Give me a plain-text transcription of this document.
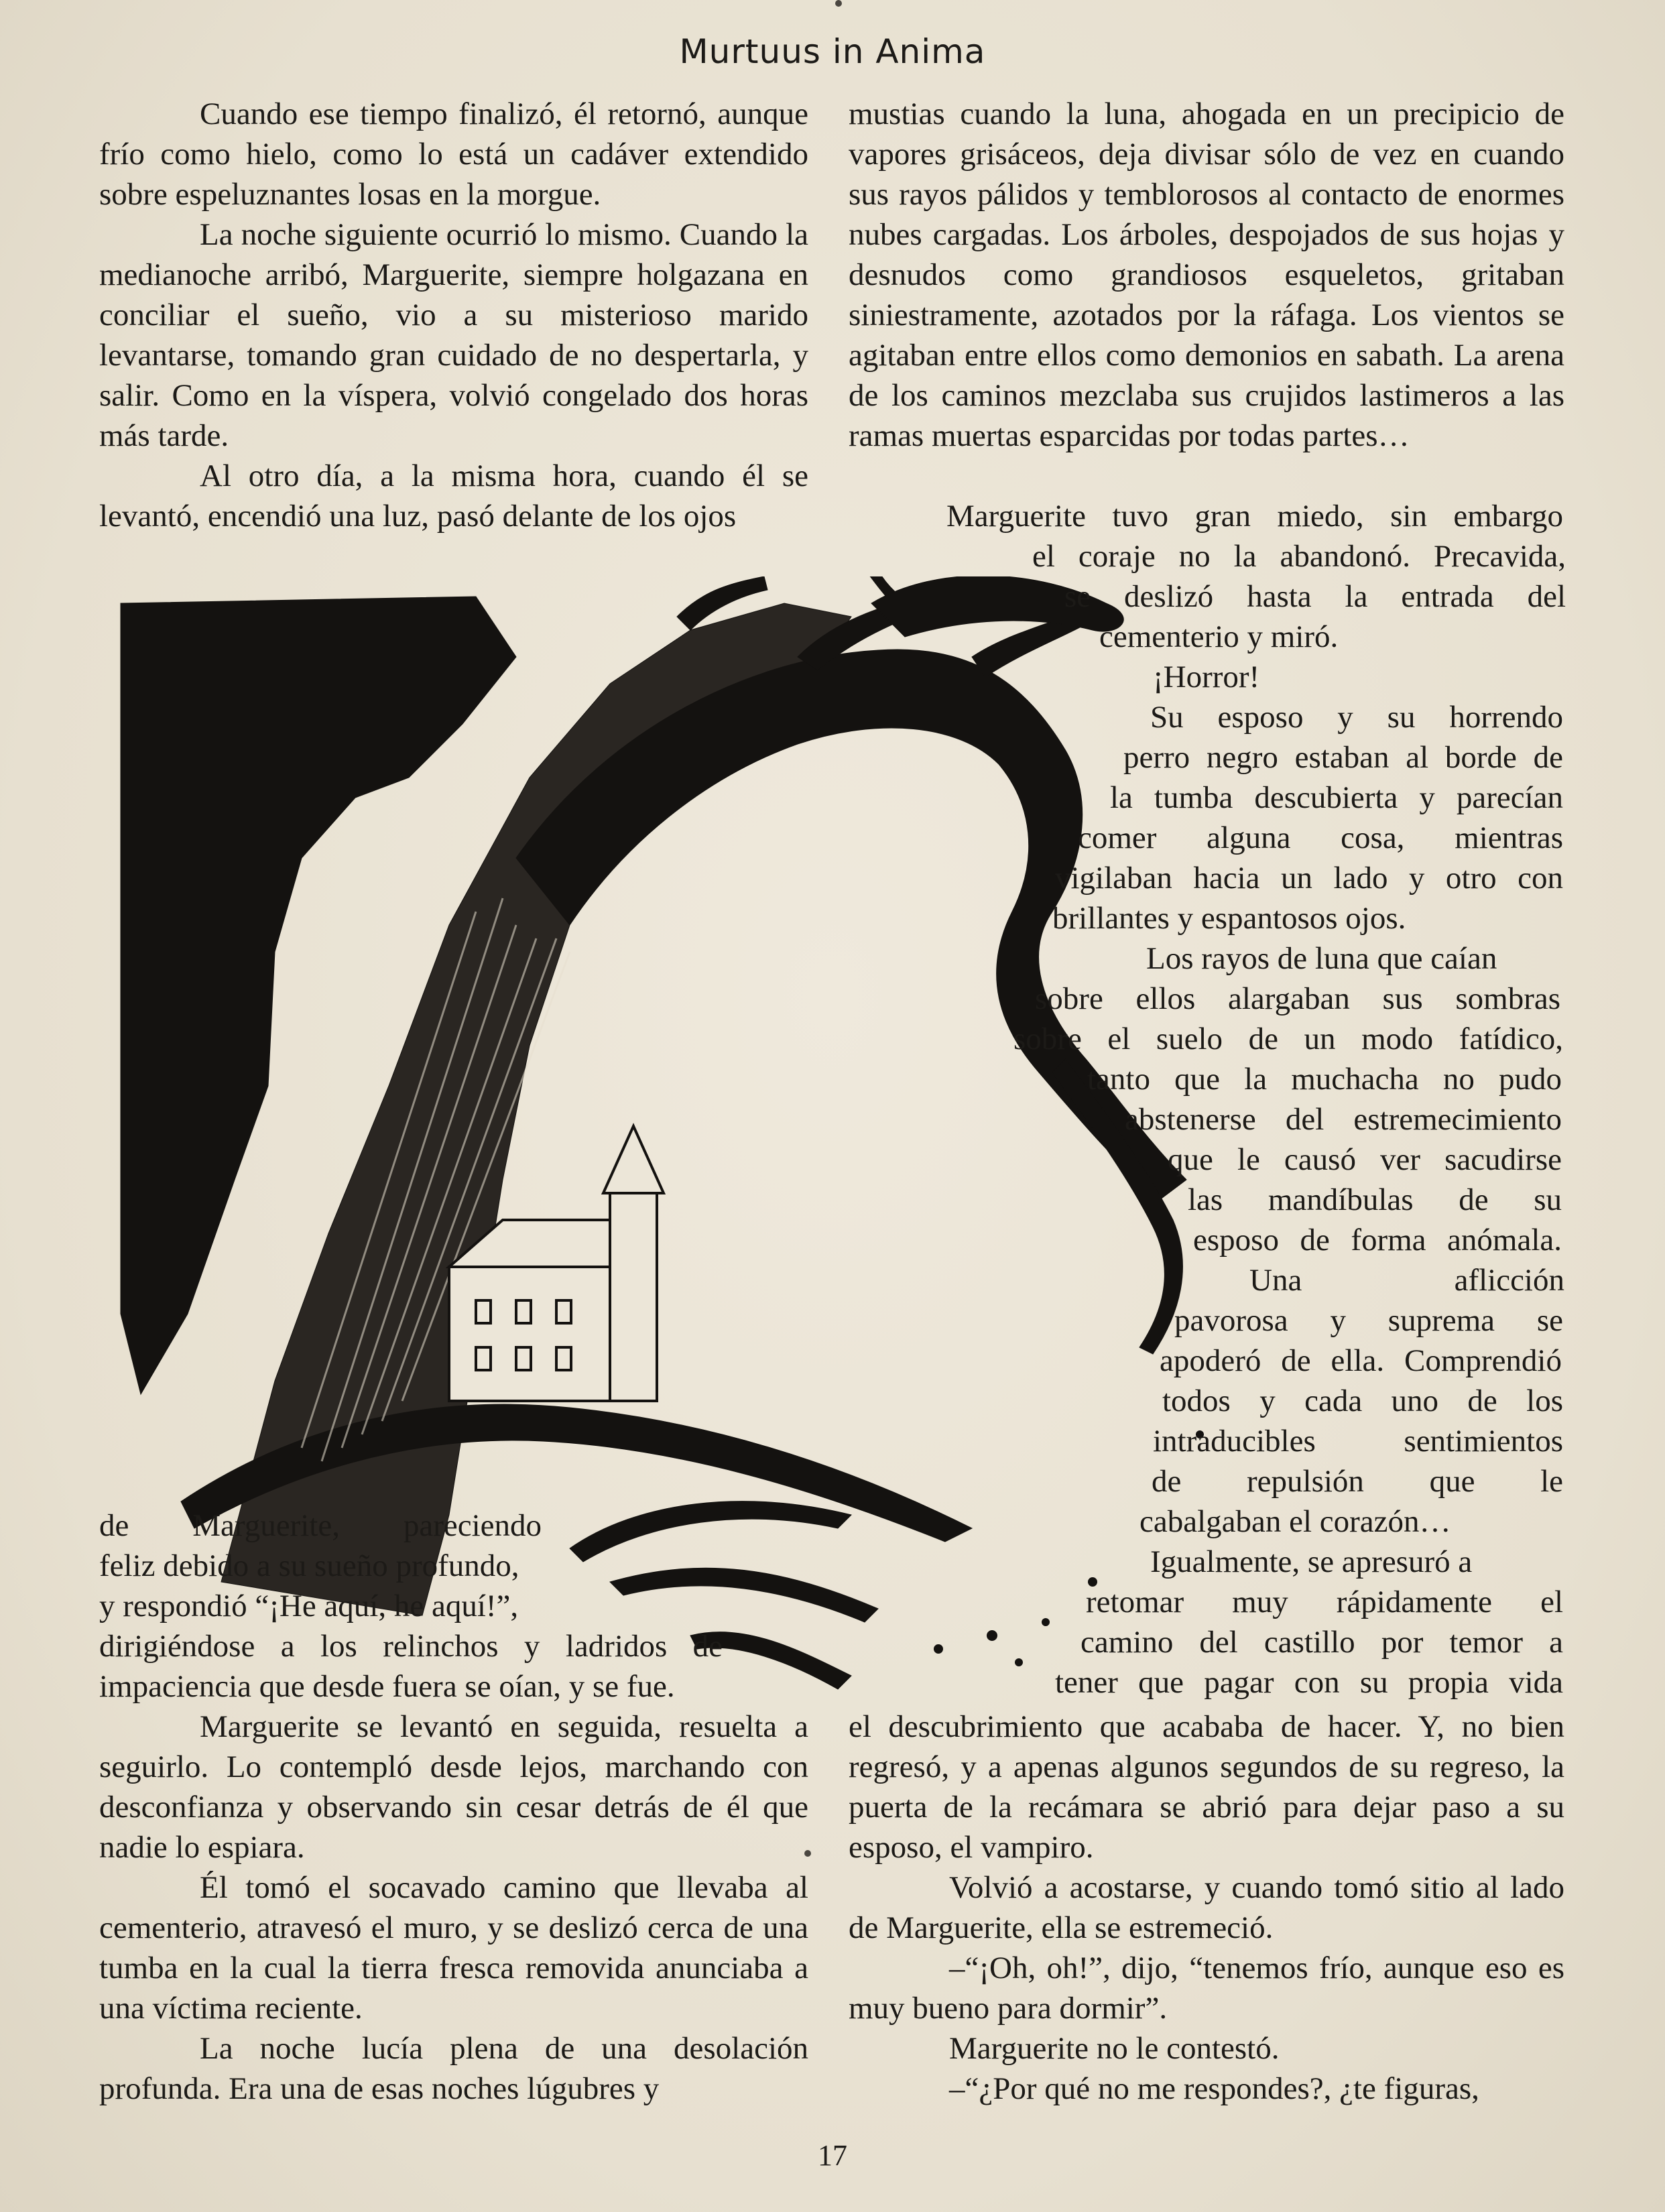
Murtuus in Anima

Cuando ese tiempo finalizó, él retornó, aunque frío como hielo, como lo está un cadáver extendido sobre espeluznantes losas en la morgue.

La noche siguiente ocurrió lo mismo. Cuando la medianoche arribó, Marguerite, siempre holgazana en conciliar el sueño, vio a su misterioso marido levantarse, tomando gran cuidado de no despertarla, y salir. Como en la víspera, volvió congelado dos horas más tarde.

Al otro día, a la misma hora, cuando él se levantó, encendió una luz, pasó delante de los ojos

de Marguerite, pareciendo
feliz debido a su sueño profundo,
y respondió “¡He aquí, he aquí!”,

dirigiéndose a los relinchos y ladridos de impaciencia que desde fuera se oían, y se fue.

Marguerite se levantó en seguida, resuelta a seguirlo. Lo contempló desde lejos, marchando con desconfianza y observando sin cesar detrás de él que nadie lo espiara.

Él tomó el socavado camino que llevaba al cementerio, atravesó el muro, y se deslizó cerca de una tumba en la cual la tierra fresca removida anunciaba a una víctima reciente.

La noche lucía plena de una desolación profunda. Era una de esas noches lúgubres y

mustias cuando la luna, ahogada en un precipicio de vapores grisáceos, deja divisar sólo de vez en cuando sus rayos pálidos y temblorosos al contacto de enormes nubes cargadas. Los árboles, despojados de sus hojas y desnudos como grandiosos esqueletos, gritaban siniestramente, azotados por la ráfaga. Los vientos se agitaban entre ellos como demonios en sabath. La arena de los caminos mezclaba sus crujidos lastimeros a las ramas muertas esparcidas por todas partes…

Marguerite tuvo gran miedo, sin embargo
el coraje no la abandonó. Precavida,
se deslizó hasta la entrada del
cementerio y miró.
¡Horror!
Su esposo y su horrendo
perro negro estaban al borde de
la tumba descubierta y parecían
comer alguna cosa, mientras
vigilaban hacia un lado y otro con
brillantes y espantosos ojos.
Los rayos de luna que caían
sobre ellos alargaban sus sombras
sobre el suelo de un modo fatídico,
tanto que la muchacha no pudo
abstenerse del estremecimiento
que le causó ver sacudirse
las mandíbulas de su
esposo de forma anómala.
Una aflicción
pavorosa y suprema se
apoderó de ella. Comprendió
todos y cada uno de los
intraducibles sentimientos
de repulsión que le
cabalgaban el corazón…
Igualmente, se apresuró a
retomar muy rápidamente el
camino del castillo por temor a
tener que pagar con su propia vida

el descubrimiento que acababa de hacer. Y, no bien regresó, y a apenas algunos segundos de su regreso, la puerta de la recámara se abrió para dejar paso a su esposo, el vampiro.

Volvió a acostarse, y cuando tomó sitio al lado de Marguerite, ella se estremeció.

–“¡Oh, oh!”, dijo, “tenemos frío, aunque eso es muy bueno para dormir”.

Marguerite no le contestó.

–“¿Por qué no me respondes?, ¿te figuras,

17
